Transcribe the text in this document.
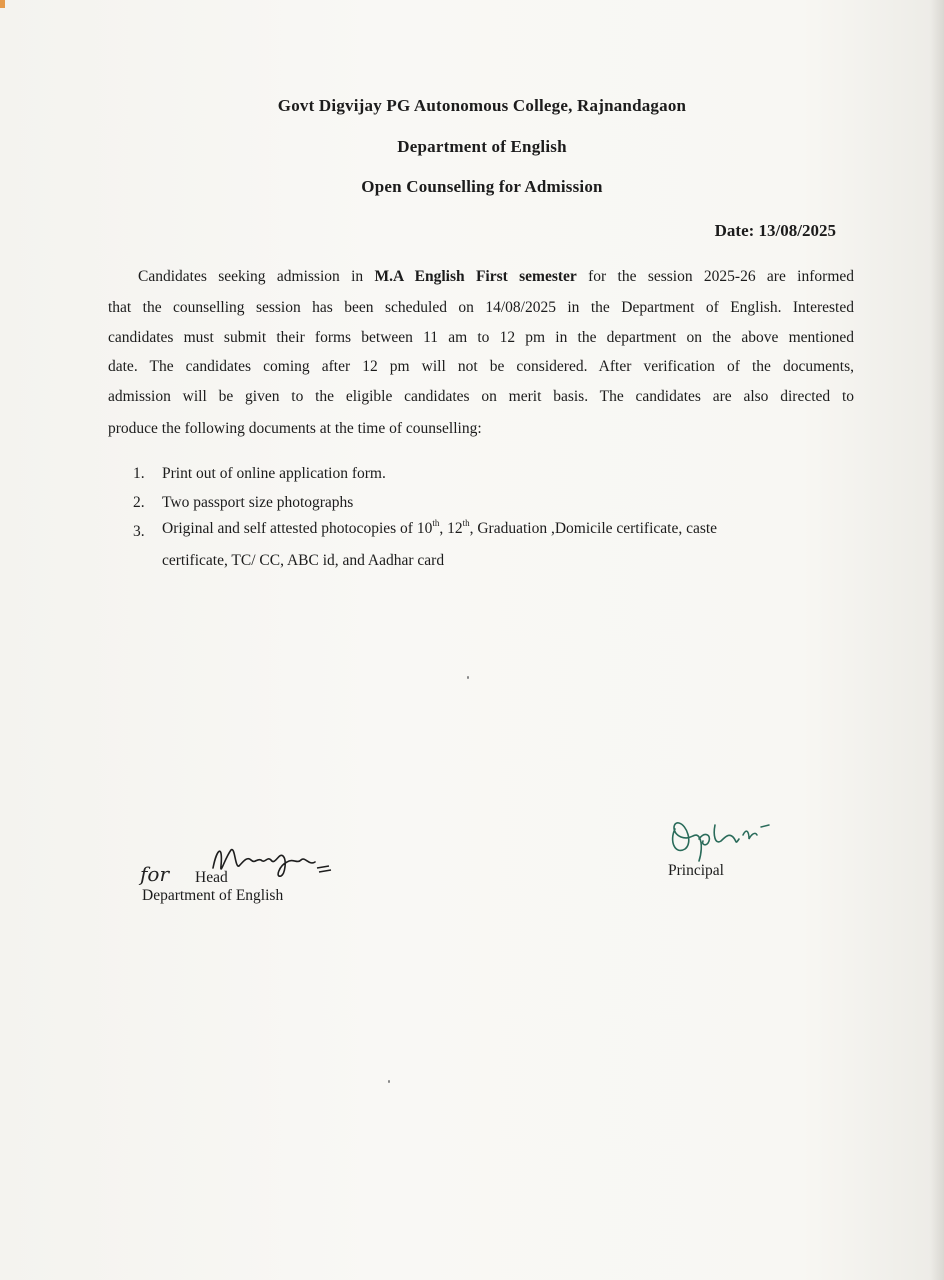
Govt Digvijay PG Autonomous College, Rajnandagaon
Department of English
Open Counselling for Admission
Date: 13/08/2025
Candidates seeking admission in M.A English First semester for the session 2025-26 are informed
that the counselling session has been scheduled on 14/08/2025 in the Department of English. Interested
candidates must submit their forms between 11 am to 12 pm in the department on the above mentioned
date. The candidates coming after 12 pm will not be considered. After verification of the documents,
admission will be given to the eligible candidates on merit basis. The candidates are also directed to
produce the following documents at the time of counselling:
1. Print out of online application form.
2. Two passport size photographs
3. Original and self attested photocopies of 10th, 12th, Graduation ,Domicile certificate, caste
certificate, TC/ CC, ABC id, and Aadhar card
for Head
Department of English
Principal
